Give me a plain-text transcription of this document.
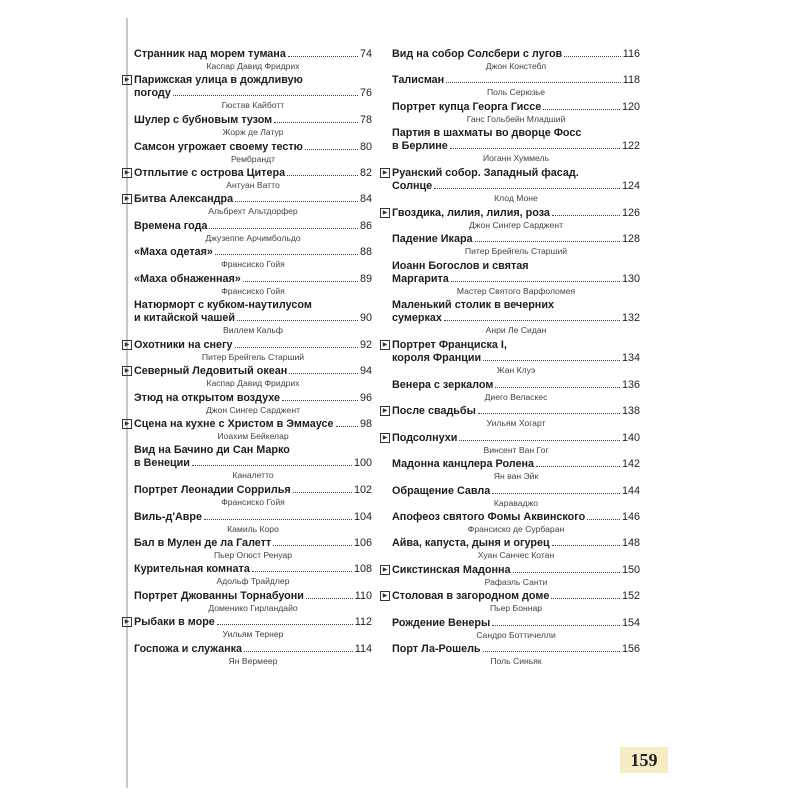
Странник над морем тумана	74
Каспар Давид Фридрих
▶ Парижская улица в дождливую
погоду	76
Гюстав Кайботт
Шулер с бубновым тузом	78
Жорж де Латур
Самсон угрожает своему тестю	80
Рембрандт
▶ Отплытие с острова Цитера	82
Антуан Ватто
▶ Битва Александра	84
Альбрехт Альтдорфер
Времена года	86
Джузеппе Арчимбольдо
«Маха одетая»	88
Франсиско Гойя
«Маха обнаженная»	89
Франсиско Гойя
Натюрморт с кубком-наутилусом
и китайской чашей	90
Виллем Кальф
▶ Охотники на снегу	92
Питер Брейгель Старший
▶ Северный Ледовитый океан	94
Каспар Давид Фридрих
Этюд на открытом воздухе	96
Джон Сингер Сарджент
▶ Сцена на кухне с Христом в Эммаусе 98
Иоахим Бейкелар
Вид на Бачино ди Сан Марко
в Венеции	100
Каналетто
Портрет Леонадии Соррилья	102
Франсиско Гойя
Виль-д'Авре	104
Камиль Коро
Бал в Мулен де ла Галетт	106
Пьер Огюст Ренуар
Курительная комната	108
Адольф Трайдлер
Портрет Джованны Торнабуони	110
Доменико Гирландайо
▶ Рыбаки в море	112
Уильям Тернер
Госпожа и служанка	114
Ян Вермеер
Вид на собор Солсбери с лугов	116
Джон Констебл
Талисман	118
Поль Серюзье
Портрет купца Георга Гиссе	120
Ганс Гольбейн Младший
Партия в шахматы во дворце Фосс
в Берлине	122
Иоганн Хуммель
▶ Руанский собор. Западный фасад.
Солнце	124
Клод Моне
▶ Гвоздика, лилия, лилия, роза	126
Джон Сингер Сарджент
Падение Икара	128
Питер Брейгель Старший
Иоанн Богослов и святая
Маргарита	130
Мастер Святого Варфоломея
Маленький столик в вечерних
сумерках	132
Анри Ле Сидан
▶ Портрет Франциска I,
короля Франции	134
Жан Клуэ
Венера с зеркалом	136
Диего Веласкес
▶ После свадьбы	138
Уильям Хогарт
▶ Подсолнухи	140
Винсент Ван Гог
Мадонна канцлера Ролена	142
Ян ван Эйк
Обращение Савла	144
Караваджо
Апофеоз святого Фомы Аквинского	146
Франсиско де Сурбаран
Айва, капуста, дыня и огурец	148
Хуан Санчес Котан
▶ Сикстинская Мадонна	150
Рафаэль Санти
▶ Столовая в загородном доме	152
Пьер Боннар
Рождение Венеры	154
Сандро Боттичелли
Порт Ла-Рошель	156
Поль Синьяк
159
